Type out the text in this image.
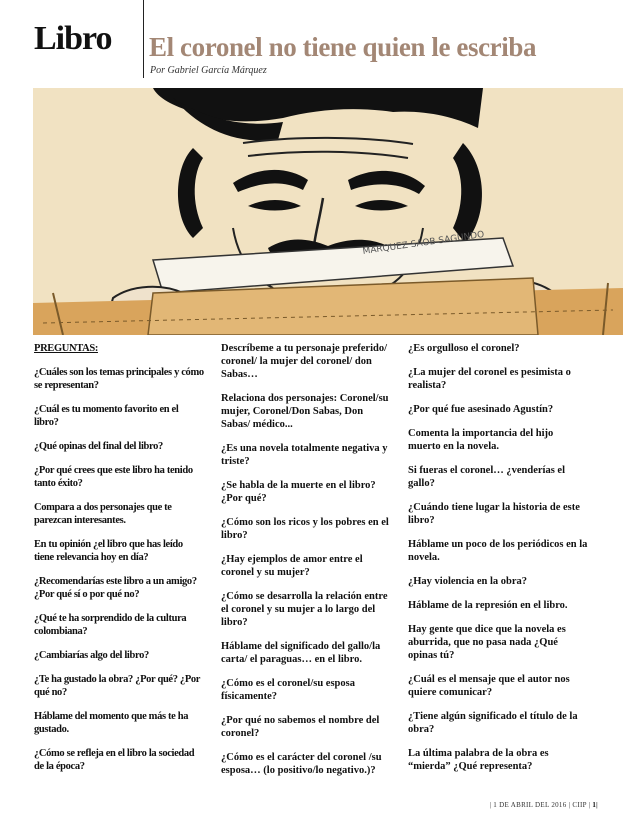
Libro El coronel no tiene quien le escriba
Por Gabriel García Márquez
MARQUEZ SAOB SAGUNDO

PREGUNTAS:

¿Cuáles son los temas principales y cómo se representan?

¿Cuál es tu momento favorito en el libro?

¿Qué opinas del final del libro?

¿Por qué crees que este libro ha tenido tanto éxito?

Compara a dos personajes que te parezcan interesantes.

En tu opinión ¿el libro que has leído tiene relevancia hoy en día?

¿Recomendarías este libro a un amigo? ¿Por qué sí o por qué no?

¿Qué te ha sorprendido de la cultura colombiana?

¿Cambiarías algo del libro?

¿Te ha gustado la obra? ¿Por qué? ¿Por qué no?

Háblame del momento que más te ha gustado.

¿Cómo se refleja en el libro la sociedad de la época?

Descríbeme a tu personaje preferido/ coronel/ la mujer del coronel/ don Sabas…

Relaciona dos personajes: Coronel/su mujer, Coronel/Don Sabas, Don Sabas/ médico...

¿Es una novela totalmente negativa y triste?

¿Se habla de la muerte en el libro? ¿Por qué?

¿Cómo son los ricos y los pobres en el libro?

¿Hay ejemplos de amor entre el coronel y su mujer?

¿Cómo se desarrolla la relación entre el coronel y su mujer a lo largo del libro?

Háblame del significado del gallo/la carta/ el paraguas… en el libro.

¿Cómo es el coronel/su esposa físicamente?

¿Por qué no sabemos el nombre del coronel?

¿Cómo es el carácter del coronel /su esposa… (lo positivo/lo negativo.)?

¿Es orgulloso el coronel?

¿La mujer del coronel es pesimista o realista?

¿Por qué fue asesinado Agustín?

Comenta la importancia del hijo muerto en la novela.

Si fueras el coronel… ¿venderías el gallo?

¿Cuándo tiene lugar la historia de este libro?

Háblame un poco de los periódicos en la novela.

¿Hay violencia en la obra?

Háblame de la represión en el libro.

Hay gente que dice que la novela es aburrida, que no pasa nada ¿Qué opinas tú?

¿Cuál es el mensaje que el autor nos quiere comunicar?

¿Tiene algún significado el título de la obra?

La última palabra de la obra es “mierda” ¿Qué representa?

| 1 DE ABRIL DEL 2016 | CIIP | 1|
